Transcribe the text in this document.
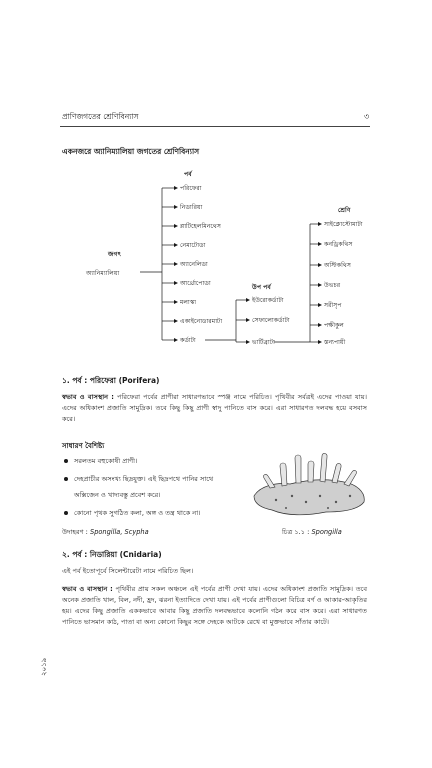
প্রাণিজগতের শ্রেণিবিন্যাস	৩
একনজরে অ্যানিম্যালিয়া জগতের শ্রেণিবিন্যাস
পর্ব
শ্রেণি
উপ পর্ব
জগৎ
অ্যানিম্যালিয়া
পরিফেরা
নিডারিয়া
প্লাটিহেলমিনথেস
নেমাটোডা
অ্যানেলিডা
আর্থ্রোপোডা
মলাস্কা
একাইনোডারমাটা
কর্ডাটা
ইউরোকর্ডাটা
সেফালোকর্ডাটা
ভার্টিব্রাটা
সাইক্লোস্টোমাটা
কনড্রিকথিস
অস্টিকথিস
উভচর
সরীসৃপ
পক্ষীকুল
স্তন্যপায়ী
১. পর্ব : পরিফেরা (Porifera)
স্বভাব ও বাসস্থান : পরিফেরা পর্বের প্রাণীরা সাধারণভাবে স্পঞ্জ নামে পরিচিত। পৃথিবীর সর্বত্রই এদের পাওয়া যায়। এদের অধিকাংশ প্রজাতি সামুদ্রিক। তবে কিছু কিছু প্রাণী স্বাদু পানিতে বাস করে। এরা সাধারণত দলবদ্ধ হয়ে বসবাস করে।
সাধারণ বৈশিষ্ট্য
সরলতম বহুকোষী প্রাণী।
দেহপ্রাচীর অসংখ্য ছিদ্রযুক্ত। এই ছিদ্রপথে পানির সাথে
অক্সিজেন ও খাদ্যবস্তু প্রবেশ করে।
কোনো পৃথক সুগঠিত কলা, অঙ্গ ও তন্ত্র থাকে না।
উদাহরণ : Spongilla, Scypha	চিত্র ১.১ : Spongilla
২. পর্ব : নিডারিয়া (Cnidaria)
এই পর্ব ইতোপূর্বে সিলেন্টারেটা নামে পরিচিত ছিল।
স্বভাব ও বাসস্থান : পৃথিবীর প্রায় সকল অঞ্চলে এই পর্বের প্রাণী দেখা যায়। এদের অধিকাংশ প্রজাতি সামুদ্রিক। তবে অনেক প্রজাতি খাল, বিল, নদী, হ্রদ, ঝরনা ইত্যাদিতে দেখা যায়। এই পর্বের প্রাণীগুলো বিচিত্র বর্ণ ও আকার-আকৃতির হয়। এদের কিছু প্রজাতি এককভাবে আবার কিছু প্রজাতি দলবদ্ধভাবে কলোনি গঠন করে বাস করে। এরা সাধারণত পানিতে ভাসমান কাঠ, পাতা বা অন্য কোনো কিছুর সঙ্গে দেহকে আটকে রেখে বা মুক্তভাবে সাঁতার কাটে।
২০১৯
